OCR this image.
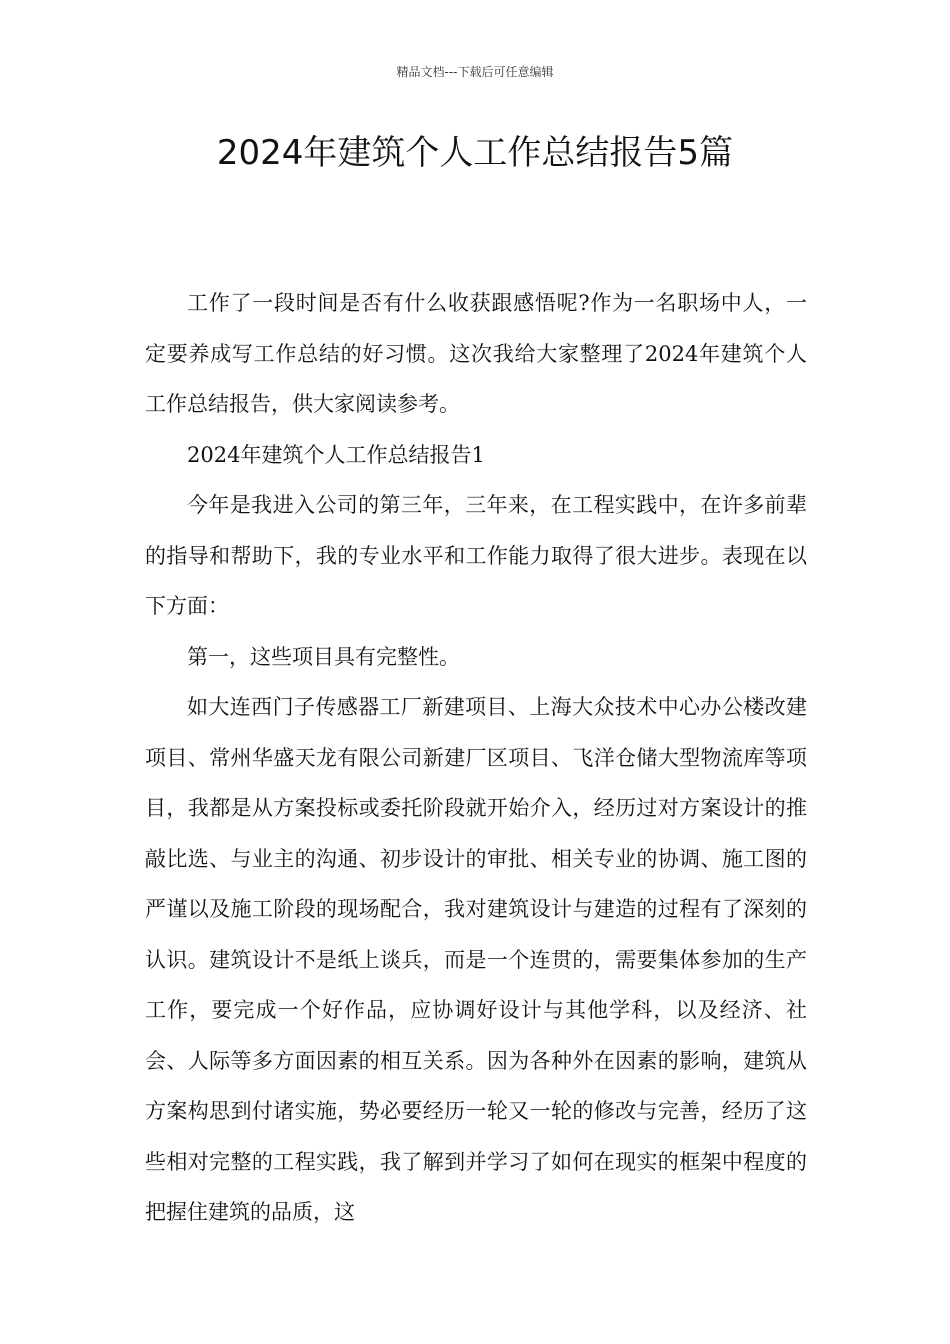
精品文档---下载后可任意编辑
2024年建筑个人工作总结报告5篇

工作了一段时间是否有什么收获跟感悟呢?作为一名职场中人，一定要养成写工作总结的好习惯。这次我给大家整理了2024年建筑个人工作总结报告，供大家阅读参考。

2024年建筑个人工作总结报告1

今年是我进入公司的第三年，三年来，在工程实践中，在许多前辈的指导和帮助下，我的专业水平和工作能力取得了很大进步。表现在以下方面：

第一，这些项目具有完整性。

如大连西门子传感器工厂新建项目、上海大众技术中心办公楼改建项目、常州华盛天龙有限公司新建厂区项目、飞洋仓储大型物流库等项目，我都是从方案投标或委托阶段就开始介入，经历过对方案设计的推敲比选、与业主的沟通、初步设计的审批、相关专业的协调、施工图的严谨以及施工阶段的现场配合，我对建筑设计与建造的过程有了深刻的认识。建筑设计不是纸上谈兵，而是一个连贯的，需要集体参加的生产工作，要完成一个好作品，应协调好设计与其他学科，以及经济、社会、人际等多方面因素的相互关系。因为各种外在因素的影响，建筑从方案构思到付诸实施，势必要经历一轮又一轮的修改与完善，经历了这些相对完整的工程实践，我了解到并学习了如何在现实的框架中程度的把握住建筑的品质，这
